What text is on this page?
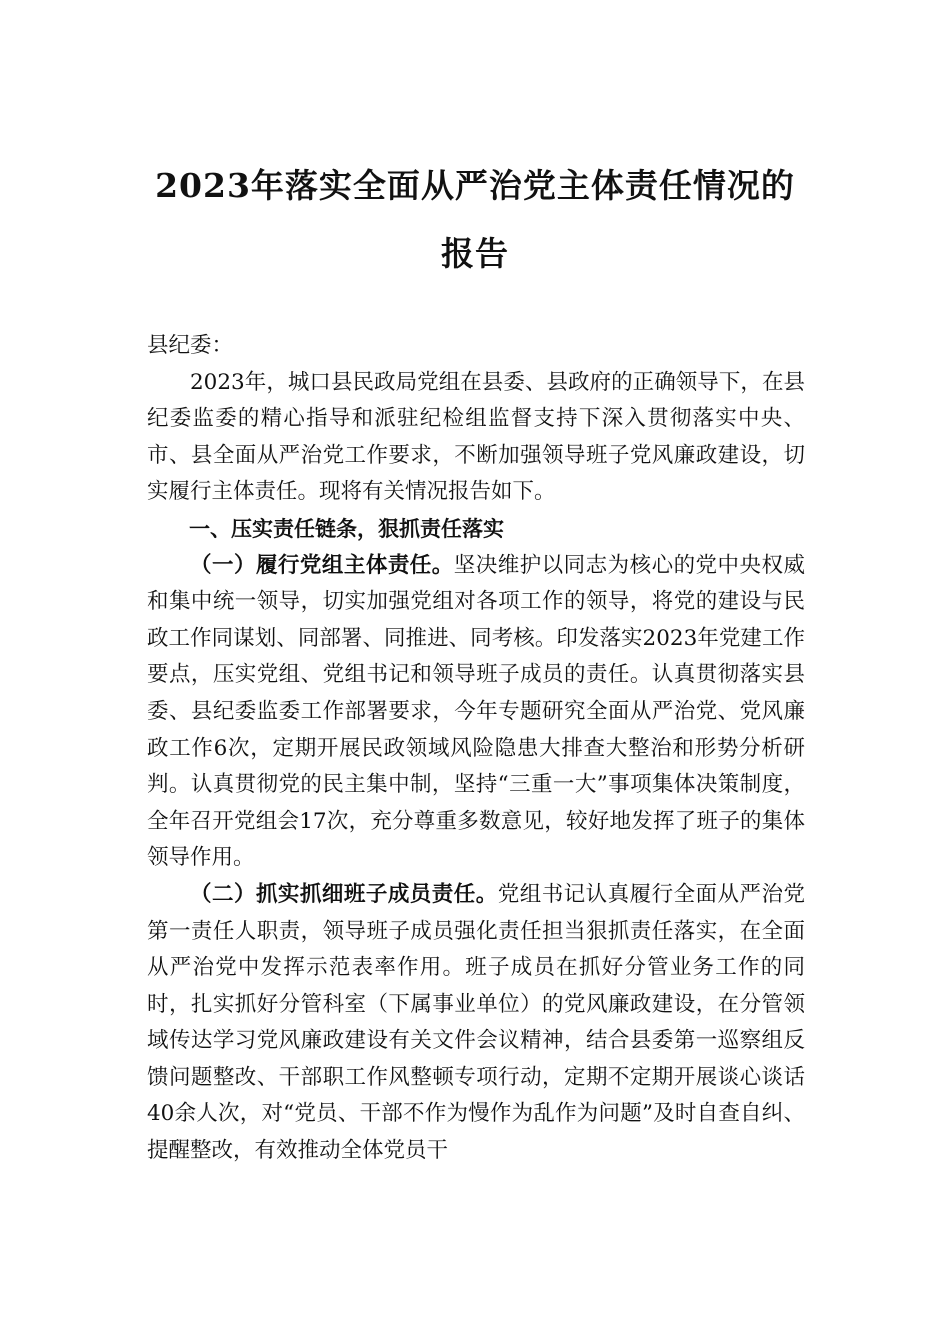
2023年落实全面从严治党主体责任情况的
报告

县纪委：

2023年，城口县民政局党组在县委、县政府的正确领导下，在县纪委监委的精心指导和派驻纪检组监督支持下深入贯彻落实中央、市、县全面从严治党工作要求，不断加强领导班子党风廉政建设，切实履行主体责任。现将有关情况报告如下。

一、压实责任链条，狠抓责任落实

（一）履行党组主体责任。坚决维护以同志为核心的党中央权威和集中统一领导，切实加强党组对各项工作的领导，将党的建设与民政工作同谋划、同部署、同推进、同考核。印发落实2023年党建工作要点，压实党组、党组书记和领导班子成员的责任。认真贯彻落实县委、县纪委监委工作部署要求，今年专题研究全面从严治党、党风廉政工作6次，定期开展民政领域风险隐患大排查大整治和形势分析研判。认真贯彻党的民主集中制，坚持“三重一大”事项集体决策制度，全年召开党组会17次，充分尊重多数意见，较好地发挥了班子的集体领导作用。

（二）抓实抓细班子成员责任。党组书记认真履行全面从严治党第一责任人职责，领导班子成员强化责任担当狠抓责任落实，在全面从严治党中发挥示范表率作用。班子成员在抓好分管业务工作的同时，扎实抓好分管科室（下属事业单位）的党风廉政建设，在分管领域传达学习党风廉政建设有关文件会议精神，结合县委第一巡察组反馈问题整改、干部职工作风整顿专项行动，定期不定期开展谈心谈话40余人次，对“党员、干部不作为慢作为乱作为问题”及时自查自纠、提醒整改，有效推动全体党员干
